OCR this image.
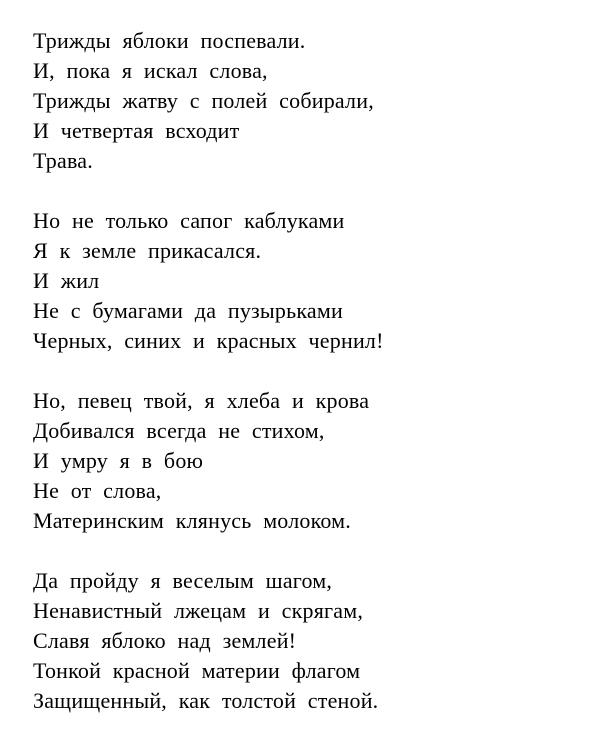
Трижды яблоки поспевали.
И, пока я искал слова,
Трижды жатву с полей собирали,
И четвертая всходит
Трава.
Но не только сапог каблуками
Я к земле прикасался.
И жил
Не с бумагами да пузырьками
Черных, синих и красных чернил!
Но, певец твой, я хлеба и крова
Добивался всегда не стихом,
И умру я в бою
Не от слова,
Материнским клянусь молоком.
Да пройду я веселым шагом,
Ненавистный лжецам и скрягам,
Славя яблоко над землей!
Тонкой красной материи флагом
Защищенный, как толстой стеной.
